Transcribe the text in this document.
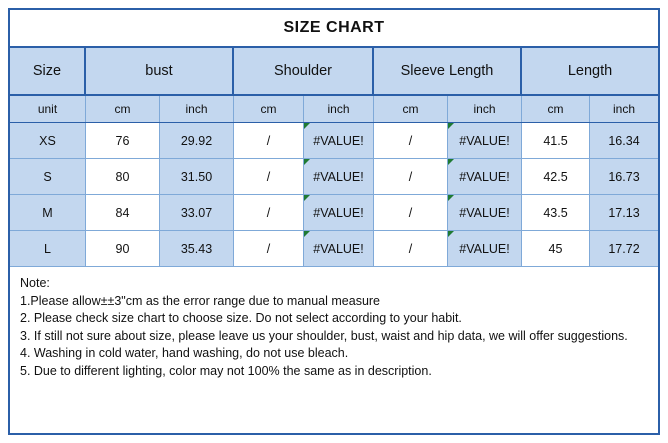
SIZE CHART
Size	bust	Shoulder	Sleeve Length	Length
unit	cm	inch	cm	inch	cm	inch	cm	inch
XS	76	29.92	/	#VALUE!	/	#VALUE!	41.5	16.34
S	80	31.50	/	#VALUE!	/	#VALUE!	42.5	16.73
M	84	33.07	/	#VALUE!	/	#VALUE!	43.5	17.13
L	90	35.43	/	#VALUE!	/	#VALUE!	45	17.72
Note:
1.Please allow±±3"cm as the error range due to manual measure
2. Please check size chart to choose size. Do not select according to your habit.
3. If still not sure about size, please leave us your shoulder, bust, waist and hip data, we will offer suggestions.
4. Washing in cold water, hand washing, do not use bleach.
5. Due to different lighting, color may not 100% the same as in description.
